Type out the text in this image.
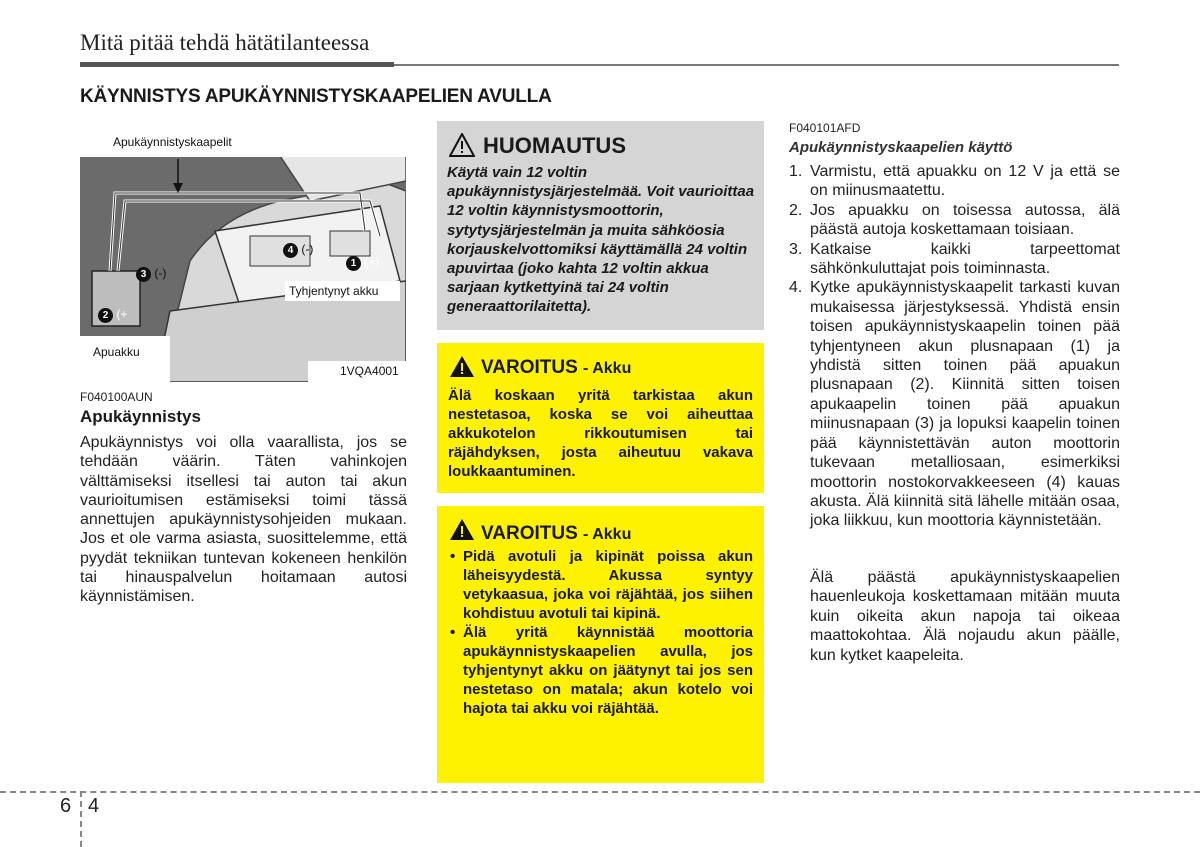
Mitä pitää tehdä hätätilanteessa
KÄYNNISTYS APUKÄYNNISTYSKAAPELIEN AVULLA
Apukäynnistyskaapelit
Tyhjentynyt akku
Apuakku
1VQA4001
1 (+)
2 (+
3 (-)
4 (-)
F040100AUN
Apukäynnistys
Apukäynnistys voi olla vaarallista, jos se tehdään väärin. Täten vahinkojen välttämiseksi itsellesi tai auton tai akun vaurioitumisen estämiseksi toimi tässä annettujen apukäynnistysohjeiden mukaan. Jos et ole varma asiasta, suosittelemme, että pyydät tekniikan tuntevan kokeneen henkilön tai hinauspalvelun hoitamaan autosi käynnistämisen.
HUOMAUTUS
Käytä vain 12 voltin apukäynnistysjärjestelmää. Voit vaurioittaa 12 voltin käynnistysmoottorin, sytytysjärjestelmän ja muita sähköosia korjauskelvottomiksi käyttämällä 24 voltin apuvirtaa (joko kahta 12 voltin akkua sarjaan kytkettyinä tai 24 voltin generaattorilaitetta).
VAROITUS - Akku
Älä koskaan yritä tarkistaa akun nestetasoa, koska se voi aiheuttaa akkukotelon rikkoutumisen tai räjähdyksen, josta aiheutuu vakava loukkaantuminen.
VAROITUS - Akku
• Pidä avotuli ja kipinät poissa akun läheisyydestä. Akussa syntyy vetykaasua, joka voi räjähtää, jos siihen kohdistuu avotuli tai kipinä.
• Älä yritä käynnistää moottoria apukäynnistyskaapelien avulla, jos tyhjentynyt akku on jäätynyt tai jos sen nestetaso on matala; akun kotelo voi hajota tai akku voi räjähtää.
F040101AFD
Apukäynnistyskaapelien käyttö
1. Varmistu, että apuakku on 12 V ja että se on miinusmaatettu.
2. Jos apuakku on toisessa autossa, älä päästä autoja koskettamaan toisiaan.
3. Katkaise kaikki tarpeettomat sähkönkuluttajat pois toiminnasta.
4. Kytke apukäynnistyskaapelit tarkasti kuvan mukaisessa järjestyksessä. Yhdistä ensin toisen apukäynnistyskaapelin toinen pää tyhjentyneen akun plusnapaan (1) ja yhdistä sitten toinen pää apuakun plusnapaan (2). Kiinnitä sitten toisen apukaapelin toinen pää apuakun miinusnapaan (3) ja lopuksi kaapelin toinen pää käynnistettävän auton moottorin tukevaan metalliosaan, esimerkiksi moottorin nostokorvakkeeseen (4) kauas akusta. Älä kiinnitä sitä lähelle mitään osaa, joka liikkuu, kun moottoria käynnistetään.
Älä päästä apukäynnistyskaapelien hauenleukoja koskettamaan mitään muuta kuin oikeita akun napoja tai oikeaa maattokohtaa. Älä nojaudu akun päälle, kun kytket kaapeleita.
6 4
